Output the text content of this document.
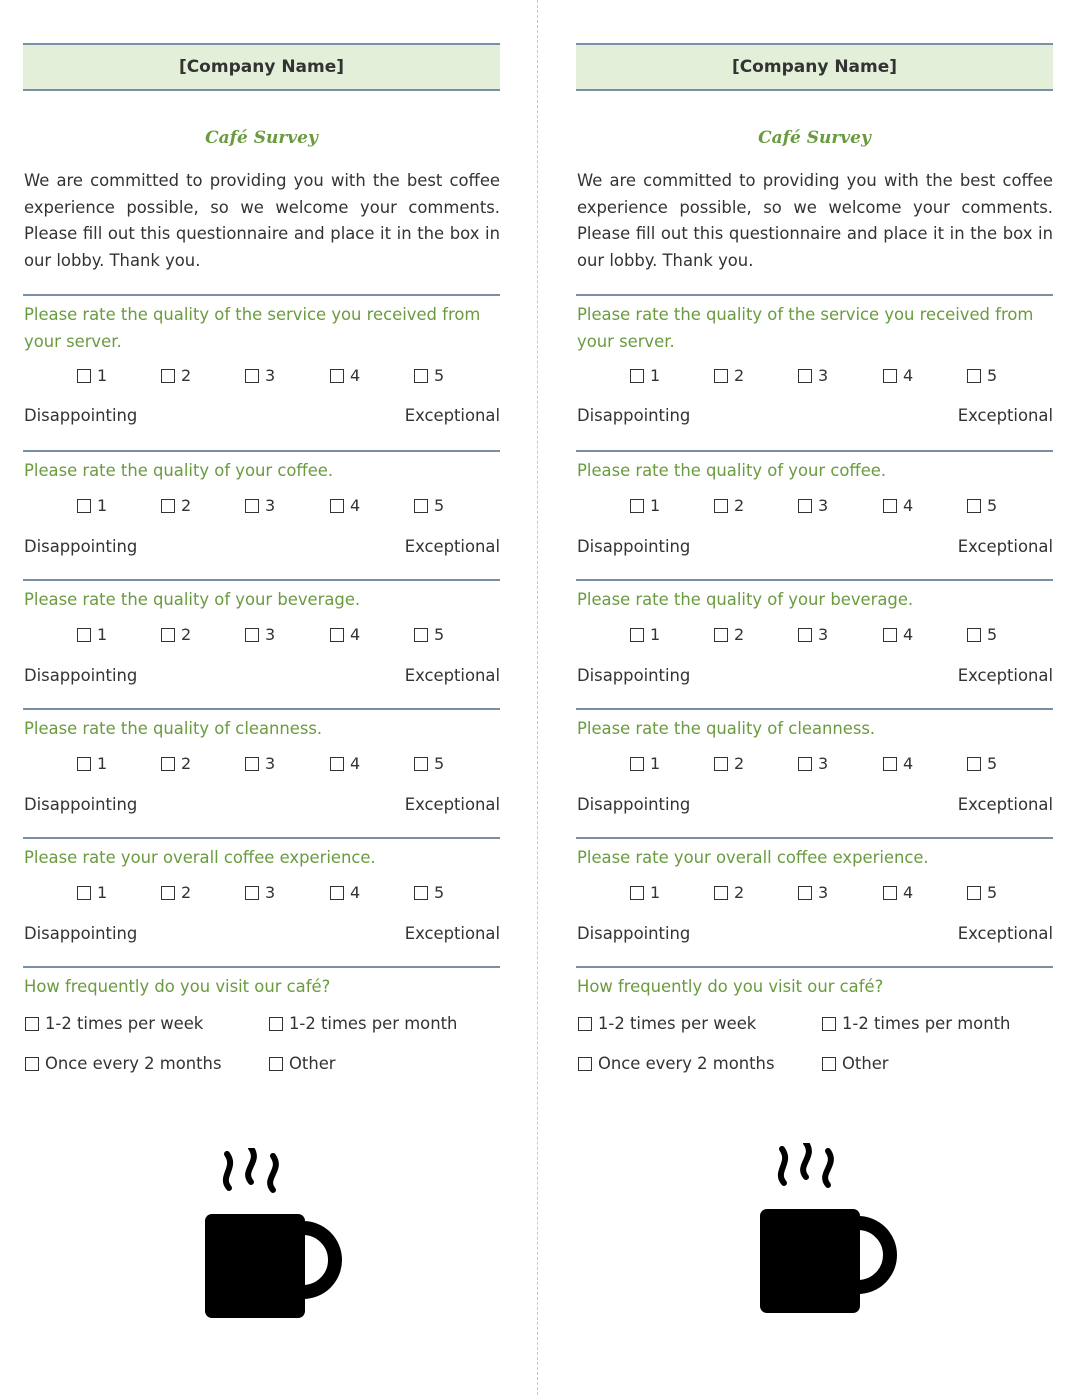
[Company Name]
Café Survey
We are committed to providing you with the best coffee experience possible, so we welcome your comments. Please fill out this questionnaire and place it in the box in our lobby. Thank you.
Please rate the quality of the service you received from your server.
1	2	3	4	5
Disappointing	Exceptional
Please rate the quality of your coffee.
1	2	3	4	5
Disappointing	Exceptional
Please rate the quality of your beverage.
1	2	3	4	5
Disappointing	Exceptional
Please rate the quality of cleanness.
1	2	3	4	5
Disappointing	Exceptional
Please rate your overall coffee experience.
1	2	3	4	5
Disappointing	Exceptional
How frequently do you visit our café?
1-2 times per week	1-2 times per month
Once every 2 months	Other
[Company Name]
Café Survey
We are committed to providing you with the best coffee experience possible, so we welcome your comments. Please fill out this questionnaire and place it in the box in our lobby. Thank you.
Please rate the quality of the service you received from your server.
1	2	3	4	5
Disappointing	Exceptional
Please rate the quality of your coffee.
1	2	3	4	5
Disappointing	Exceptional
Please rate the quality of your beverage.
1	2	3	4	5
Disappointing	Exceptional
Please rate the quality of cleanness.
1	2	3	4	5
Disappointing	Exceptional
Please rate your overall coffee experience.
1	2	3	4	5
Disappointing	Exceptional
How frequently do you visit our café?
1-2 times per week	1-2 times per month
Once every 2 months	Other
